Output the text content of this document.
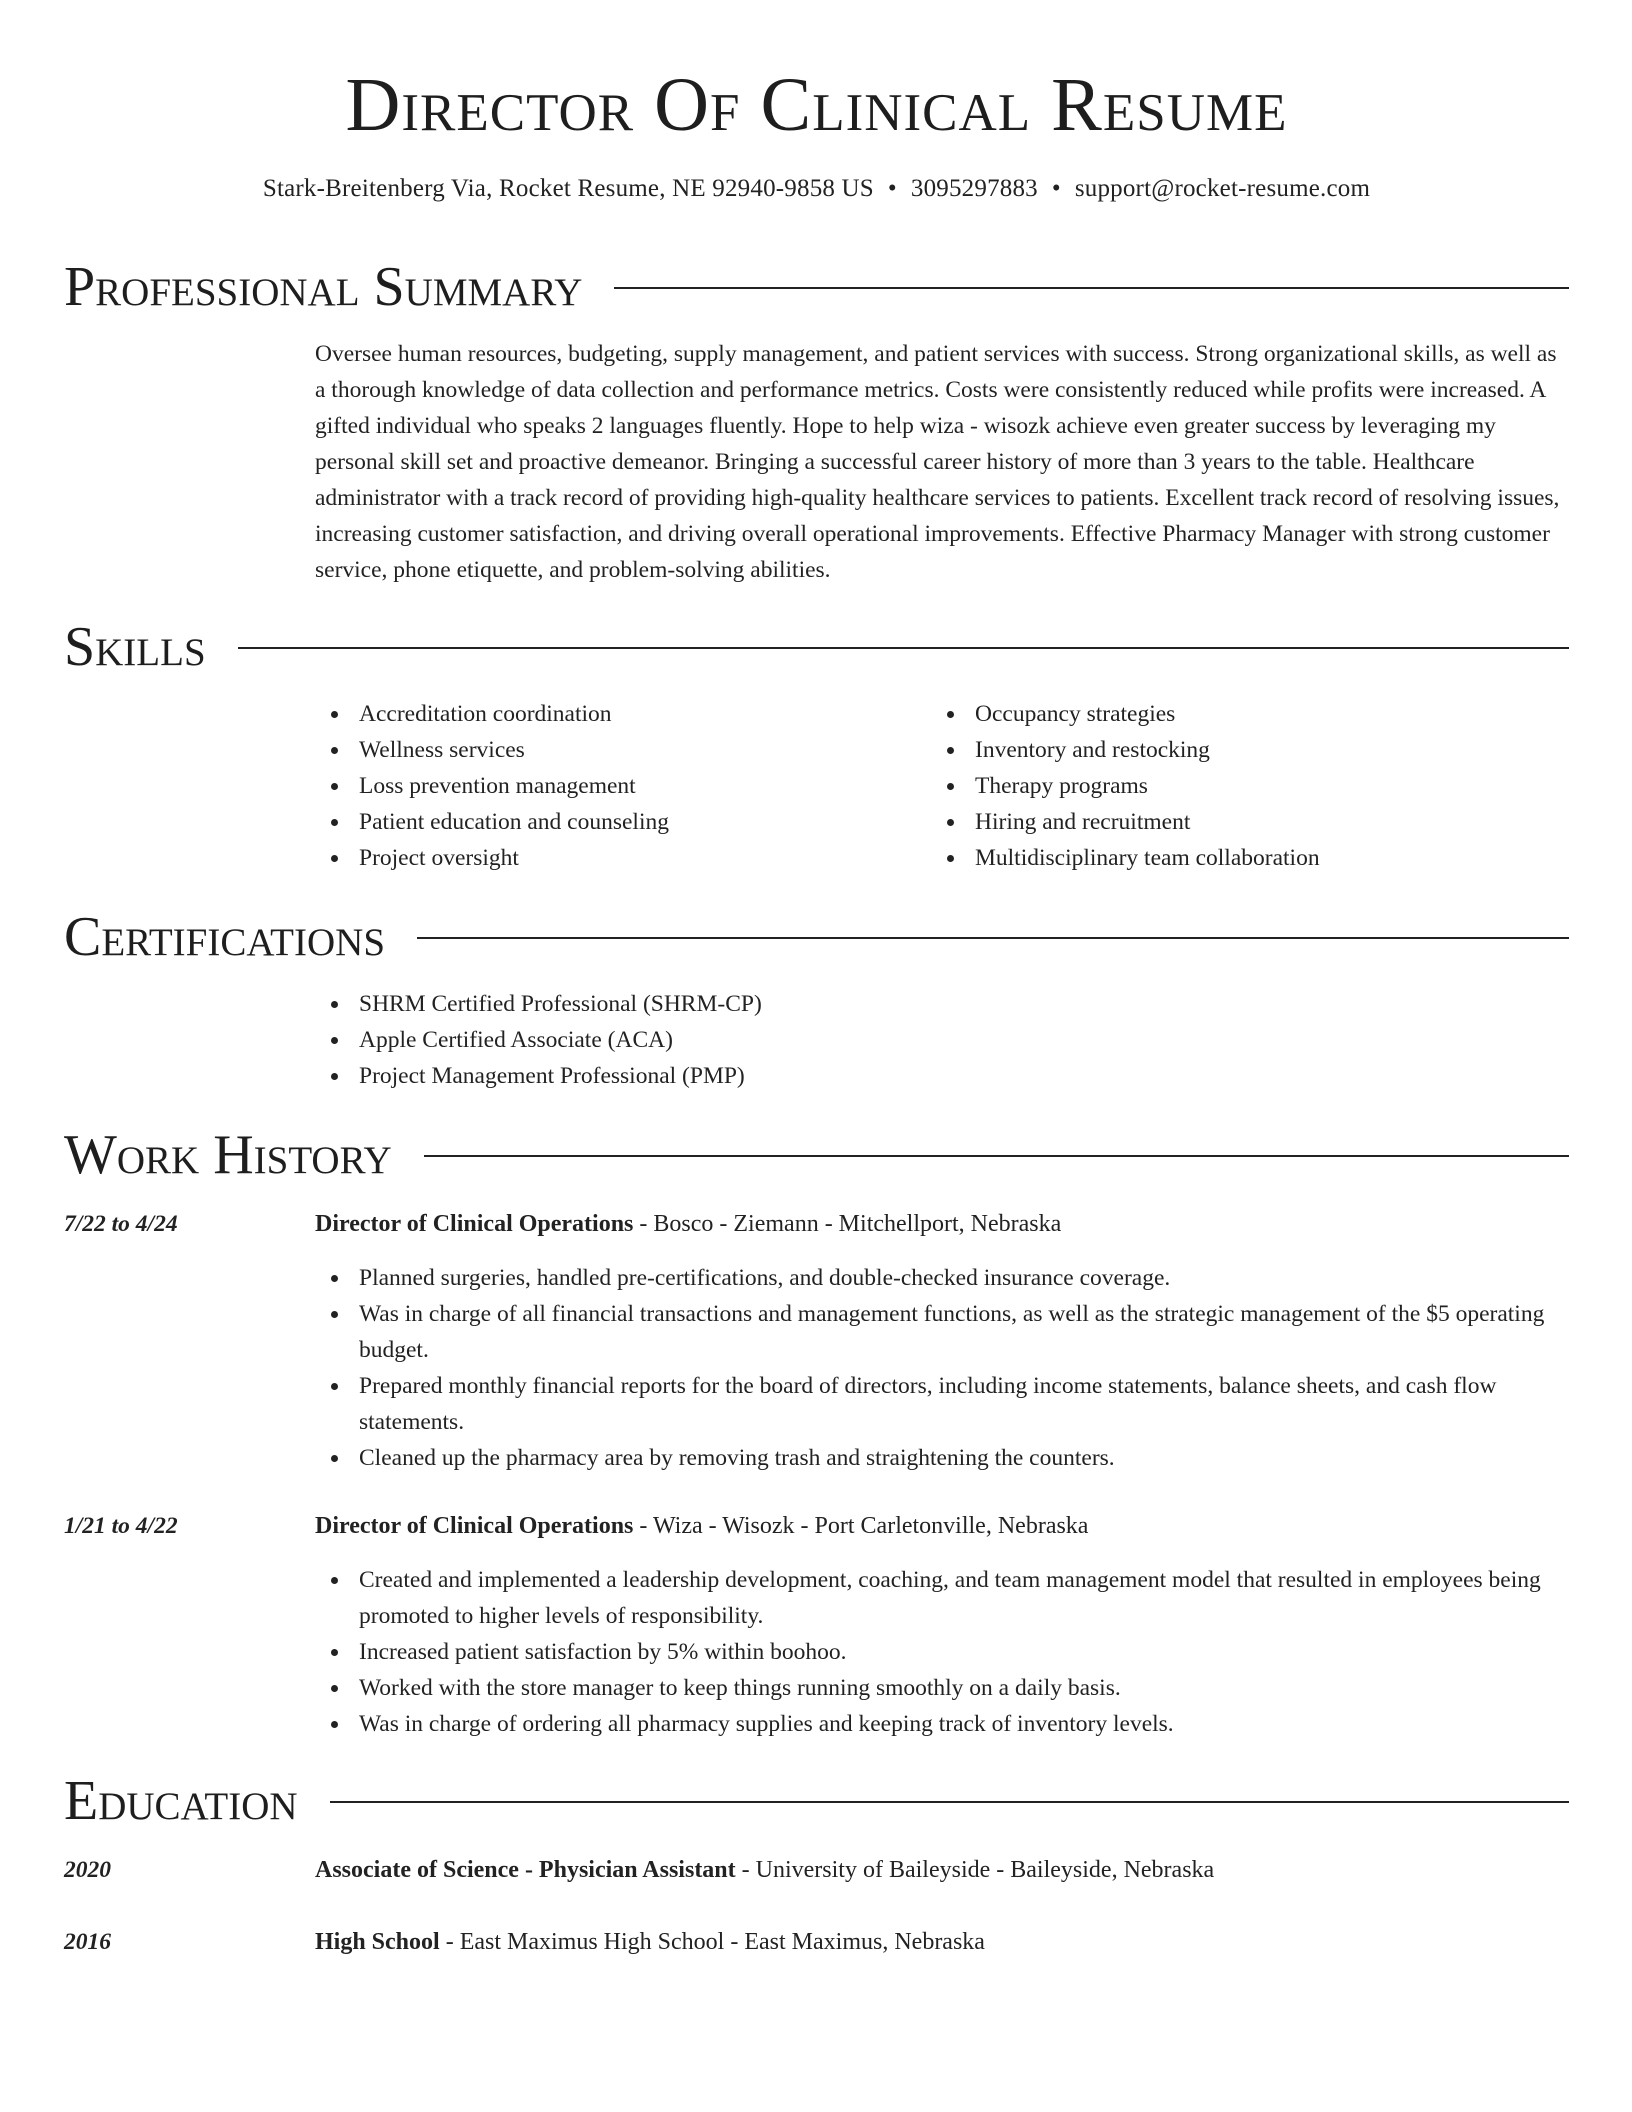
Director Of Clinical Resume
Stark-Breitenberg Via, Rocket Resume, NE 92940-9858 US • 3095297883 • support@rocket-resume.com
Professional Summary

Oversee human resources, budgeting, supply management, and patient services with success. Strong organizational skills, as well as a thorough knowledge of data collection and performance metrics. Costs were consistently reduced while profits were increased. A gifted individual who speaks 2 languages fluently. Hope to help wiza - wisozk achieve even greater success by leveraging my personal skill set and proactive demeanor. Bringing a successful career history of more than 3 years to the table. Healthcare administrator with a track record of providing high-quality healthcare services to patients. Excellent track record of resolving issues, increasing customer satisfaction, and driving overall operational improvements. Effective Pharmacy Manager with strong customer service, phone etiquette, and problem-solving abilities.

Skills
Accreditation coordination
Wellness services
Loss prevention management
Patient education and counseling
Project oversight
Occupancy strategies
Inventory and restocking
Therapy programs
Hiring and recruitment
Multidisciplinary team collaboration
Certifications
SHRM Certified Professional (SHRM-CP)
Apple Certified Associate (ACA)
Project Management Professional (PMP)
Work History
7/22 to 4/24	Director of Clinical Operations - Bosco - Ziemann - Mitchellport, Nebraska
Planned surgeries, handled pre-certifications, and double-checked insurance coverage.
Was in charge of all financial transactions and management functions, as well as the strategic management of the $5 operating budget.
Prepared monthly financial reports for the board of directors, including income statements, balance sheets, and cash flow statements.
Cleaned up the pharmacy area by removing trash and straightening the counters.
1/21 to 4/22	Director of Clinical Operations - Wiza - Wisozk - Port Carletonville, Nebraska
Created and implemented a leadership development, coaching, and team management model that resulted in employees being promoted to higher levels of responsibility.
Increased patient satisfaction by 5% within boohoo.
Worked with the store manager to keep things running smoothly on a daily basis.
Was in charge of ordering all pharmacy supplies and keeping track of inventory levels.
Education
2020	Associate of Science - Physician Assistant - University of Baileyside - Baileyside, Nebraska
2016	High School - East Maximus High School - East Maximus, Nebraska
